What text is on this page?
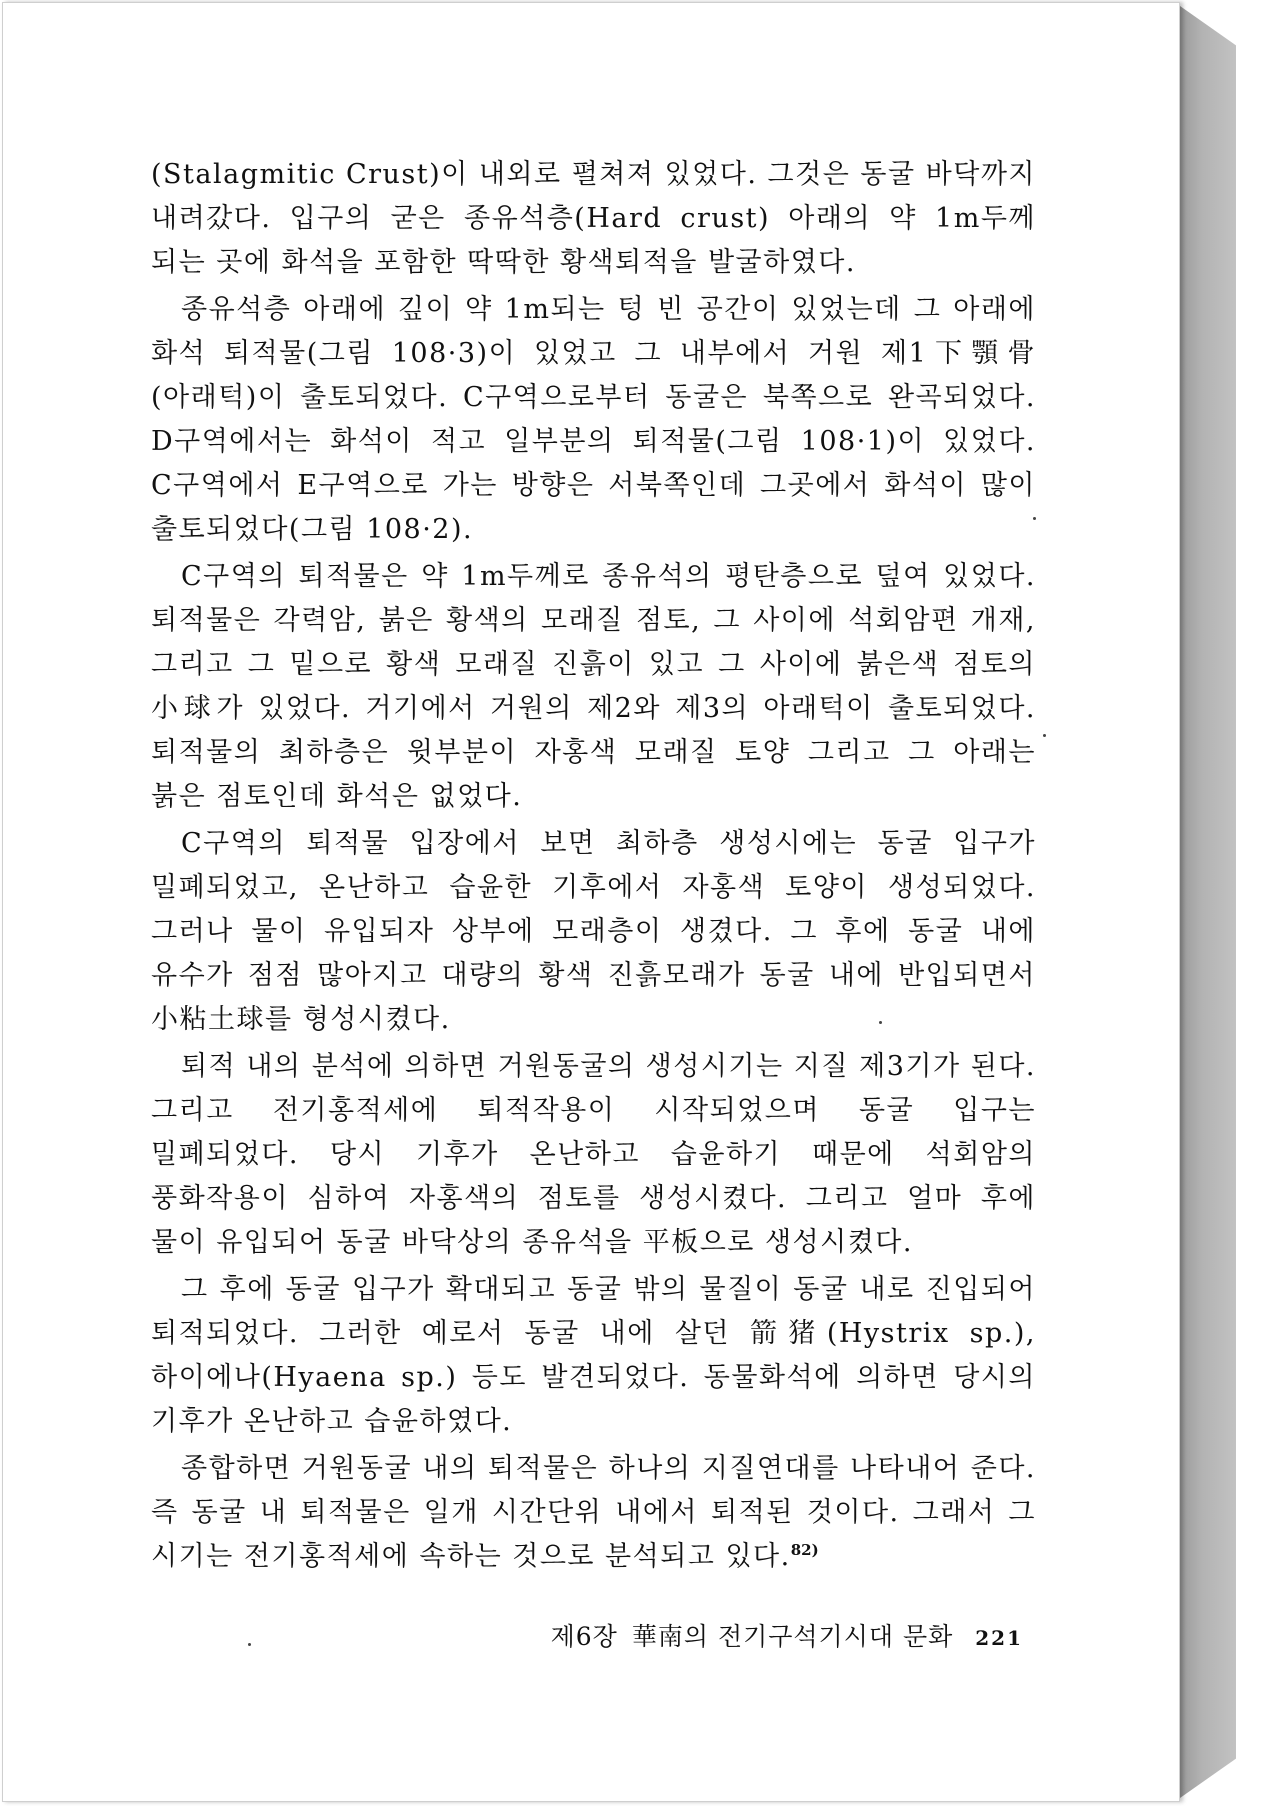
(Stalagmitic Crust)이 내외로 펼쳐져 있었다. 그것은 동굴 바닥까지 내려갔다. 입구의 굳은 종유석층(Hard crust) 아래의 약 1m두께 되는 곳에 화석을 포함한 딱딱한 황색퇴적을 발굴하였다.

종유석층 아래에 깊이 약 1m되는 텅 빈 공간이 있었는데 그 아래에 화석 퇴적물(그림 108·3)이 있었고 그 내부에서 거원 제1下顎骨(아래턱)이 출토되었다. C구역으로부터 동굴은 북쪽으로 완곡되었다. D구역에서는 화석이 적고 일부분의 퇴적물(그림 108·1)이 있었다. C구역에서 E구역으로 가는 방향은 서북쪽인데 그곳에서 화석이 많이 출토되었다(그림 108·2).

C구역의 퇴적물은 약 1m두께로 종유석의 평탄층으로 덮여 있었다. 퇴적물은 각력암, 붉은 황색의 모래질 점토, 그 사이에 석회암편 개재, 그리고 그 밑으로 황색 모래질 진흙이 있고 그 사이에 붉은색 점토의 小球가 있었다. 거기에서 거원의 제2와 제3의 아래턱이 출토되었다. 퇴적물의 최하층은 윗부분이 자홍색 모래질 토양 그리고 그 아래는 붉은 점토인데 화석은 없었다.

C구역의 퇴적물 입장에서 보면 최하층 생성시에는 동굴 입구가 밀폐되었고, 온난하고 습윤한 기후에서 자홍색 토양이 생성되었다. 그러나 물이 유입되자 상부에 모래층이 생겼다. 그 후에 동굴 내에 유수가 점점 많아지고 대량의 황색 진흙모래가 동굴 내에 반입되면서 小粘土球를 형성시켰다.

퇴적 내의 분석에 의하면 거원동굴의 생성시기는 지질 제3기가 된다. 그리고 전기홍적세에 퇴적작용이 시작되었으며 동굴 입구는 밀폐되었다. 당시 기후가 온난하고 습윤하기 때문에 석회암의 풍화작용이 심하여 자홍색의 점토를 생성시켰다. 그리고 얼마 후에 물이 유입되어 동굴 바닥상의 종유석을 平板으로 생성시켰다.

그 후에 동굴 입구가 확대되고 동굴 밖의 물질이 동굴 내로 진입되어 퇴적되었다. 그러한 예로서 동굴 내에 살던 箭猪(Hystrix sp.), 하이에나(Hyaena sp.) 등도 발견되었다. 동물화석에 의하면 당시의 기후가 온난하고 습윤하였다.

종합하면 거원동굴 내의 퇴적물은 하나의 지질연대를 나타내어 준다. 즉 동굴 내 퇴적물은 일개 시간단위 내에서 퇴적된 것이다. 그래서 그 시기는 전기홍적세에 속하는 것으로 분석되고 있다.$^{82)}$

제6장 華南의 전기구석기시대 문화 221
